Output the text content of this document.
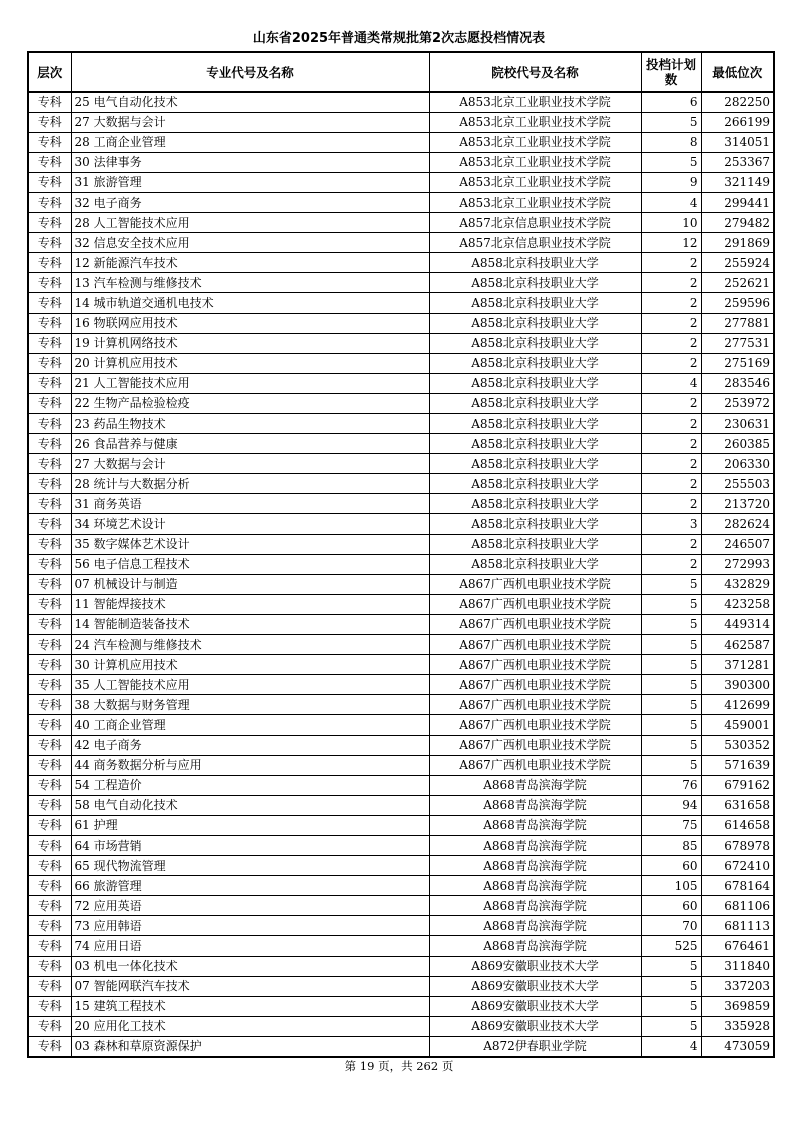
山东省2025年普通类常规批第2次志愿投档情况表
层次	专业代号及名称	院校代号及名称	投档计划数	最低位次
专科	25 电气自动化技术	A853北京工业职业技术学院	6	282250
专科	27 大数据与会计	A853北京工业职业技术学院	5	266199
专科	28 工商企业管理	A853北京工业职业技术学院	8	314051
专科	30 法律事务	A853北京工业职业技术学院	5	253367
专科	31 旅游管理	A853北京工业职业技术学院	9	321149
专科	32 电子商务	A853北京工业职业技术学院	4	299441
专科	28 人工智能技术应用	A857北京信息职业技术学院	10	279482
专科	32 信息安全技术应用	A857北京信息职业技术学院	12	291869
专科	12 新能源汽车技术	A858北京科技职业大学	2	255924
专科	13 汽车检测与维修技术	A858北京科技职业大学	2	252621
专科	14 城市轨道交通机电技术	A858北京科技职业大学	2	259596
专科	16 物联网应用技术	A858北京科技职业大学	2	277881
专科	19 计算机网络技术	A858北京科技职业大学	2	277531
专科	20 计算机应用技术	A858北京科技职业大学	2	275169
专科	21 人工智能技术应用	A858北京科技职业大学	4	283546
专科	22 生物产品检验检疫	A858北京科技职业大学	2	253972
专科	23 药品生物技术	A858北京科技职业大学	2	230631
专科	26 食品营养与健康	A858北京科技职业大学	2	260385
专科	27 大数据与会计	A858北京科技职业大学	2	206330
专科	28 统计与大数据分析	A858北京科技职业大学	2	255503
专科	31 商务英语	A858北京科技职业大学	2	213720
专科	34 环境艺术设计	A858北京科技职业大学	3	282624
专科	35 数字媒体艺术设计	A858北京科技职业大学	2	246507
专科	56 电子信息工程技术	A858北京科技职业大学	2	272993
专科	07 机械设计与制造	A867广西机电职业技术学院	5	432829
专科	11 智能焊接技术	A867广西机电职业技术学院	5	423258
专科	14 智能制造装备技术	A867广西机电职业技术学院	5	449314
专科	24 汽车检测与维修技术	A867广西机电职业技术学院	5	462587
专科	30 计算机应用技术	A867广西机电职业技术学院	5	371281
专科	35 人工智能技术应用	A867广西机电职业技术学院	5	390300
专科	38 大数据与财务管理	A867广西机电职业技术学院	5	412699
专科	40 工商企业管理	A867广西机电职业技术学院	5	459001
专科	42 电子商务	A867广西机电职业技术学院	5	530352
专科	44 商务数据分析与应用	A867广西机电职业技术学院	5	571639
专科	54 工程造价	A868青岛滨海学院	76	679162
专科	58 电气自动化技术	A868青岛滨海学院	94	631658
专科	61 护理	A868青岛滨海学院	75	614658
专科	64 市场营销	A868青岛滨海学院	85	678978
专科	65 现代物流管理	A868青岛滨海学院	60	672410
专科	66 旅游管理	A868青岛滨海学院	105	678164
专科	72 应用英语	A868青岛滨海学院	60	681106
专科	73 应用韩语	A868青岛滨海学院	70	681113
专科	74 应用日语	A868青岛滨海学院	525	676461
专科	03 机电一体化技术	A869安徽职业技术大学	5	311840
专科	07 智能网联汽车技术	A869安徽职业技术大学	5	337203
专科	15 建筑工程技术	A869安徽职业技术大学	5	369859
专科	20 应用化工技术	A869安徽职业技术大学	5	335928
专科	03 森林和草原资源保护	A872伊春职业学院	4	473059
第 19 页，共 262 页
